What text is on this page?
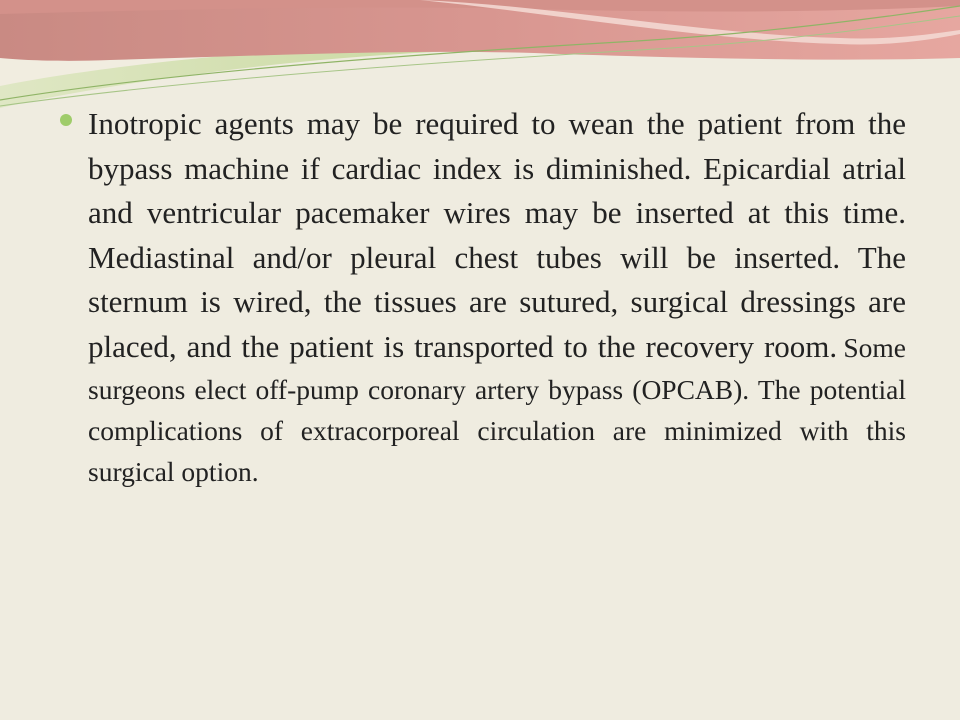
Inotropic agents may be required to wean the patient from the bypass machine if cardiac index is diminished. Epicardial atrial and ventricular pacemaker wires may be inserted at this time. Mediastinal and/or pleural chest tubes will be inserted. The sternum is wired, the tissues are sutured, surgical dressings are placed, and the patient is transported to the recovery room. Some surgeons elect off-pump coronary artery bypass (OPCAB). The potential complications of extracorporeal circulation are minimized with this surgical option.
